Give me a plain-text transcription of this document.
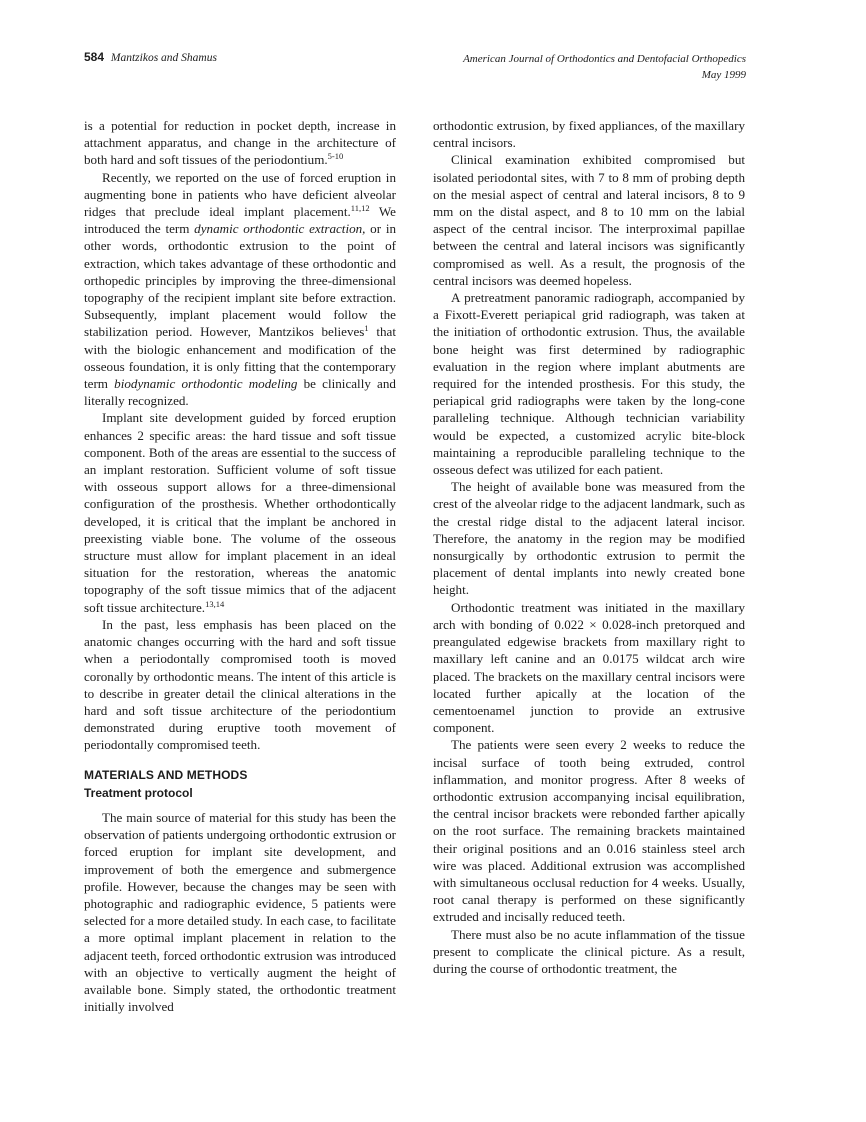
584 Mantzikos and Shamus	American Journal of Orthodontics and Dentofacial Orthopedics
May 1999

is a potential for reduction in pocket depth, increase in attachment apparatus, and change in the architecture of both hard and soft tissues of the periodontium.$^{5-10}$

Recently, we reported on the use of forced eruption in augmenting bone in patients who have deficient alveolar ridges that preclude ideal implant placement.$^{11,12}$ We introduced the term dynamic orthodontic extraction, or in other words, orthodontic extrusion to the point of extraction, which takes advantage of these orthodontic and orthopedic principles by improving the three-dimensional topography of the recipient implant site before extraction. Subsequently, implant placement would follow the stabilization period. However, Mantzikos believes$^1$ that with the biologic enhancement and modification of the osseous foundation, it is only fitting that the contemporary term biodynamic orthodontic modeling be clinically and literally recognized.

Implant site development guided by forced eruption enhances 2 specific areas: the hard tissue and soft tissue component. Both of the areas are essential to the success of an implant restoration. Sufficient volume of soft tissue with osseous support allows for a three-dimensional configuration of the prosthesis. Whether orthodontically developed, it is critical that the implant be anchored in preexisting viable bone. The volume of the osseous structure must allow for implant placement in an ideal situation for the restoration, whereas the anatomic topography of the soft tissue mimics that of the adjacent soft tissue architecture.$^{13,14}$

In the past, less emphasis has been placed on the anatomic changes occurring with the hard and soft tissue when a periodontally compromised tooth is moved coronally by orthodontic means. The intent of this article is to describe in greater detail the clinical alterations in the hard and soft tissue architecture of the periodontium demonstrated during eruptive tooth movement of periodontally compromised teeth.

MATERIALS AND METHODS
Treatment protocol

The main source of material for this study has been the observation of patients undergoing orthodontic extrusion or forced eruption for implant site development, and improvement of both the emergence and submergence profile. However, because the changes may be seen with photographic and radiographic evidence, 5 patients were selected for a more detailed study. In each case, to facilitate a more optimal implant placement in relation to the adjacent teeth, forced orthodontic extrusion was introduced with an objective to vertically augment the height of available bone. Simply stated, the orthodontic treatment initially involved

orthodontic extrusion, by fixed appliances, of the maxillary central incisors.

Clinical examination exhibited compromised but isolated periodontal sites, with 7 to 8 mm of probing depth on the mesial aspect of central and lateral incisors, 8 to 9 mm on the distal aspect, and 8 to 10 mm on the labial aspect of the central incisor. The interproximal papillae between the central and lateral incisors was significantly compromised as well. As a result, the prognosis of the central incisors was deemed hopeless.

A pretreatment panoramic radiograph, accompanied by a Fixott-Everett periapical grid radiograph, was taken at the initiation of orthodontic extrusion. Thus, the available bone height was first determined by radiographic evaluation in the region where implant abutments are required for the intended prosthesis. For this study, the periapical grid radiographs were taken by the long-cone paralleling technique. Although technician variability would be expected, a customized acrylic bite-block maintaining a reproducible paralleling technique to the osseous defect was utilized for each patient.

The height of available bone was measured from the crest of the alveolar ridge to the adjacent landmark, such as the crestal ridge distal to the adjacent lateral incisor. Therefore, the anatomy in the region may be modified nonsurgically by orthodontic extrusion to permit the placement of dental implants into newly created bone height.

Orthodontic treatment was initiated in the maxillary arch with bonding of 0.022 × 0.028-inch pretorqued and preangulated edgewise brackets from maxillary right to maxillary left canine and an 0.0175 wildcat arch wire placed. The brackets on the maxillary central incisors were located further apically at the location of the cementoenamel junction to provide an extrusive component.

The patients were seen every 2 weeks to reduce the incisal surface of tooth being extruded, control inflammation, and monitor progress. After 8 weeks of orthodontic extrusion accompanying incisal equilibration, the central incisor brackets were rebonded farther apically on the root surface. The remaining brackets maintained their original positions and an 0.016 stainless steel arch wire was placed. Additional extrusion was accomplished with simultaneous occlusal reduction for 4 weeks. Usually, root canal therapy is performed on these significantly extruded and incisally reduced teeth.

There must also be no acute inflammation of the tissue present to complicate the clinical picture. As a result, during the course of orthodontic treatment, the
